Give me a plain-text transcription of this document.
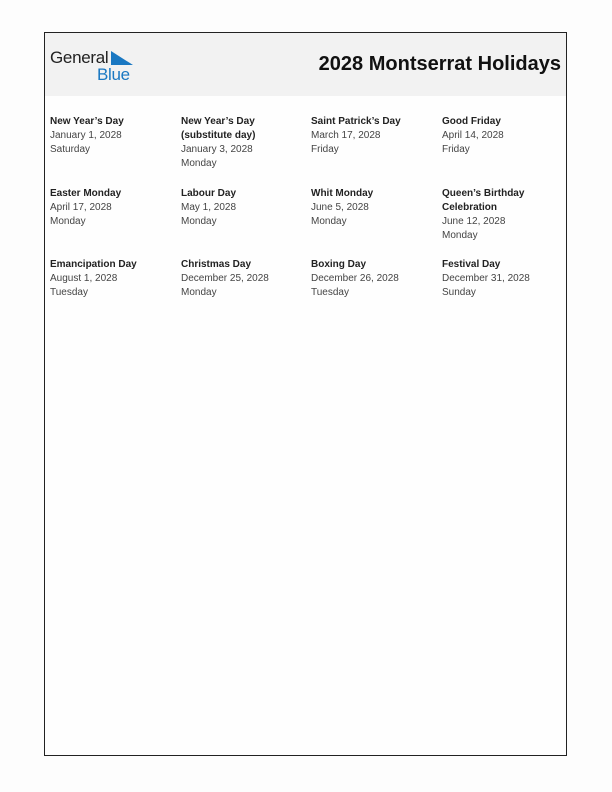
General
Blue	2028 Montserrat Holidays
New Year’s Day
January 1, 2028
Saturday
New Year’s Day (substitute day)
January 3, 2028
Monday
Saint Patrick’s Day
March 17, 2028
Friday
Good Friday
April 14, 2028
Friday
Easter Monday
April 17, 2028
Monday
Labour Day
May 1, 2028
Monday
Whit Monday
June 5, 2028
Monday
Queen’s Birthday Celebration
June 12, 2028
Monday
Emancipation Day
August 1, 2028
Tuesday
Christmas Day
December 25, 2028
Monday
Boxing Day
December 26, 2028
Tuesday
Festival Day
December 31, 2028
Sunday
